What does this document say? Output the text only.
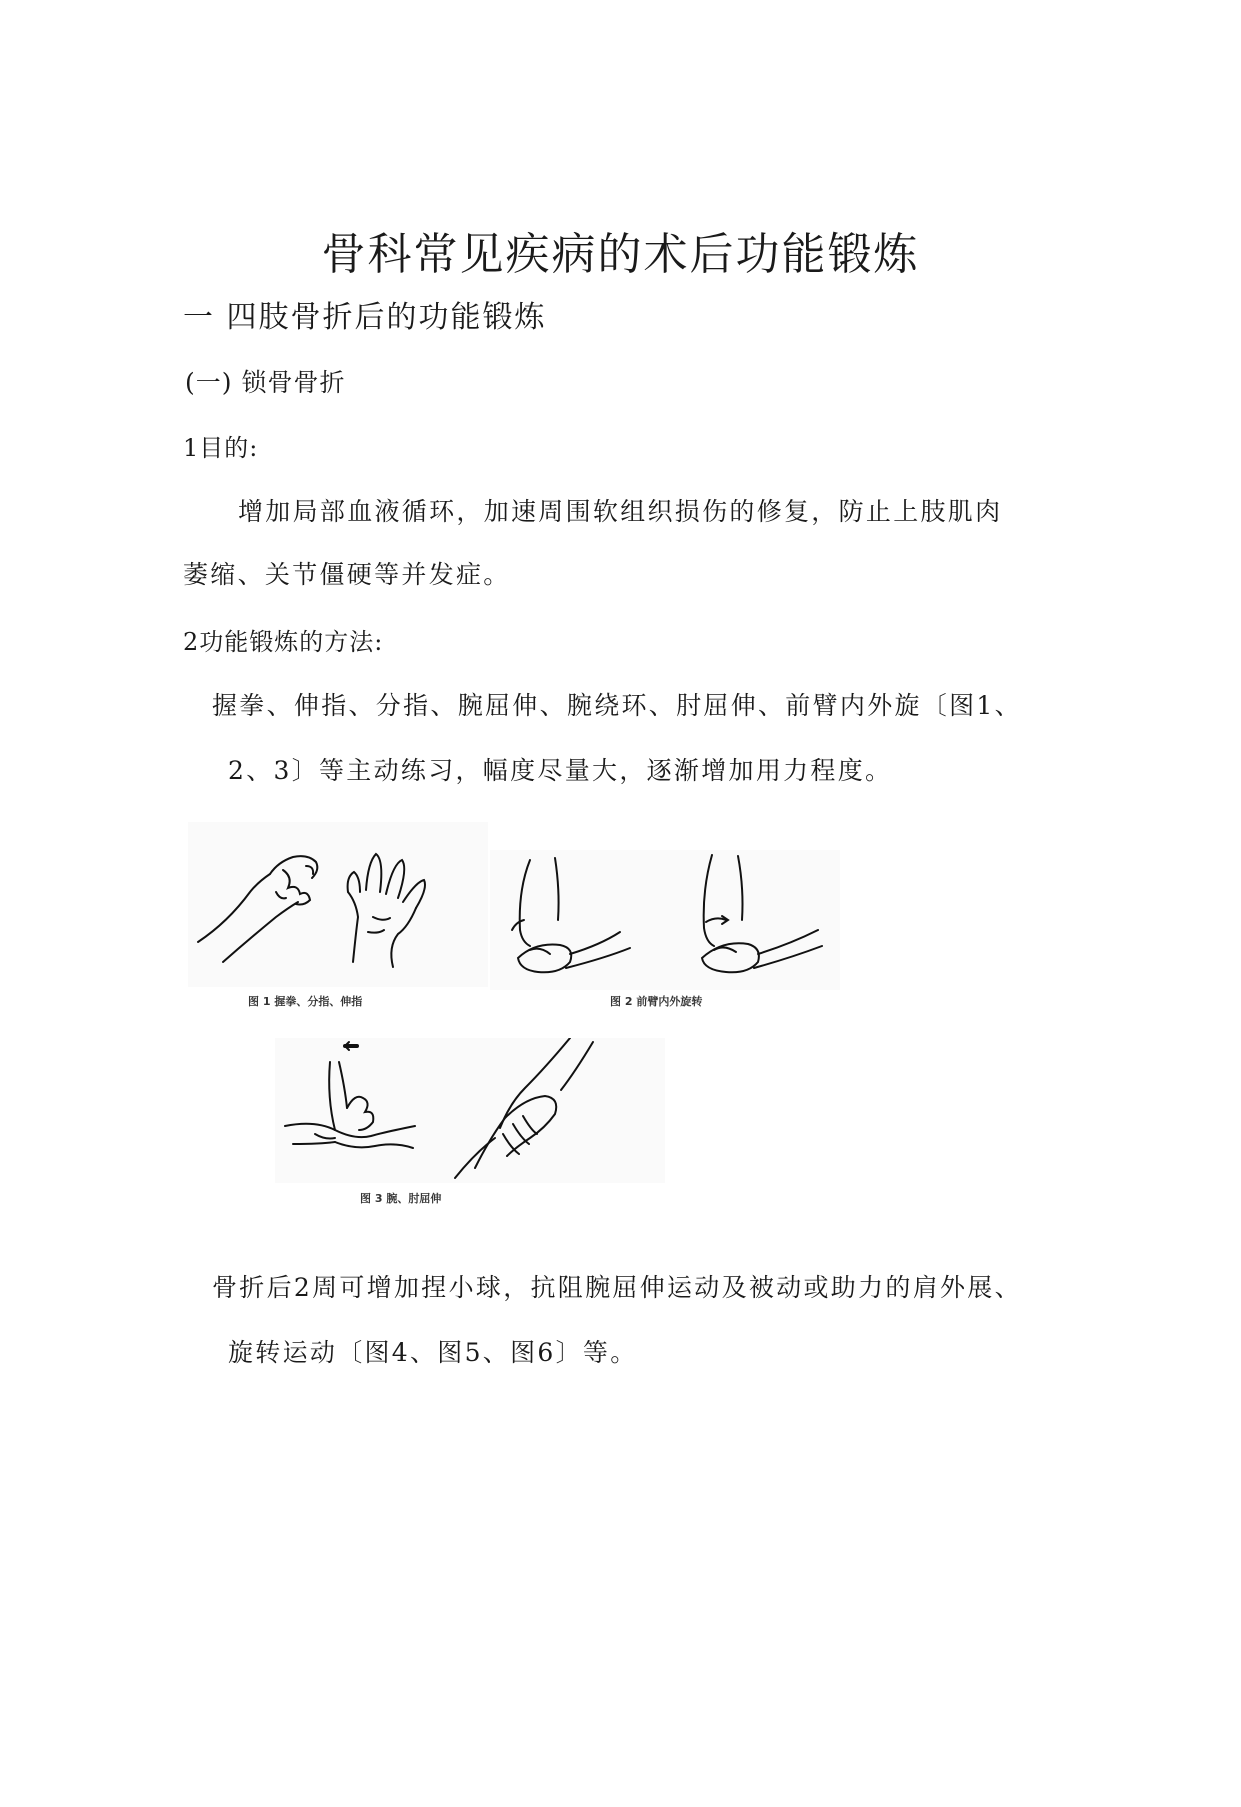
骨科常见疾病的术后功能锻炼
一 四肢骨折后的功能锻炼
(一) 锁骨骨折
1目的:
增加局部血液循环，加速周围软组织损伤的修复，防止上肢肌肉
萎缩、关节僵硬等并发症。
2功能锻炼的方法:
握拳、伸指、分指、腕屈伸、腕绕环、肘屈伸、前臂内外旋〔图1、
2、3〕等主动练习，幅度尽量大，逐渐增加用力程度。
图 1 握拳、分指、伸指	图 2 前臂内外旋转
图 3 腕、肘屈伸
骨折后2周可增加捏小球，抗阻腕屈伸运动及被动或助力的肩外展、
旋转运动〔图4、图5、图6〕等。
